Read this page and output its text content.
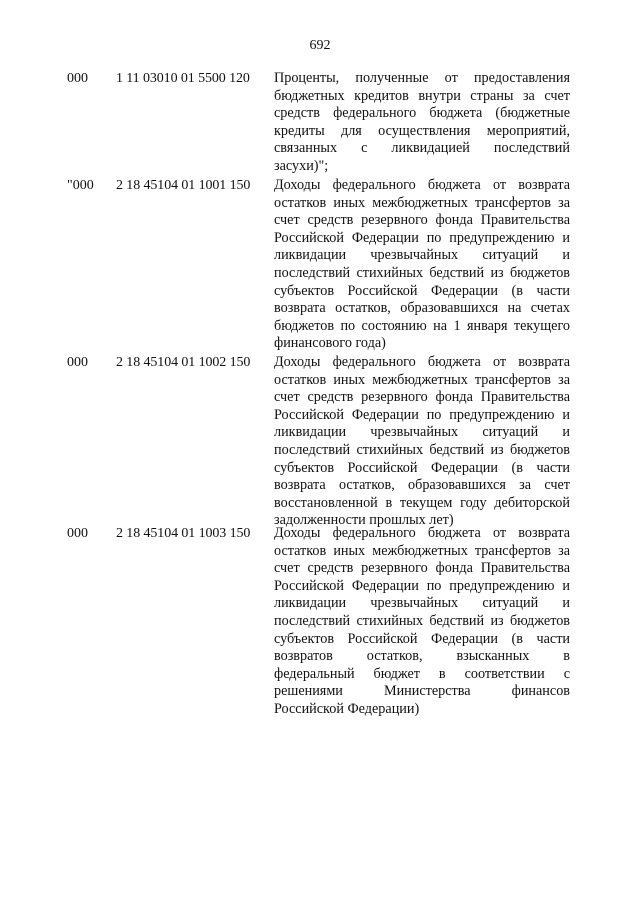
692
000 1 11 03010 01 5500 120 Проценты, полученные от предоставления
бюджетных кредитов внутри страны за счет
средств федерального бюджета (бюджетные
кредиты для осуществления мероприятий,
связанных с ликвидацией последствий
засухи)";
"000 2 18 45104 01 1001 150 Доходы федерального бюджета от возврата
остатков иных межбюджетных трансфертов за
счет средств резервного фонда Правительства
Российской Федерации по предупреждению и
ликвидации чрезвычайных ситуаций и
последствий стихийных бедствий из бюджетов
субъектов Российской Федерации (в части
возврата остатков, образовавшихся на счетах
бюджетов по состоянию на 1 января текущего
финансового года)
000 2 18 45104 01 1002 150 Доходы федерального бюджета от возврата
остатков иных межбюджетных трансфертов за
счет средств резервного фонда Правительства
Российской Федерации по предупреждению и
ликвидации чрезвычайных ситуаций и
последствий стихийных бедствий из бюджетов
субъектов Российской Федерации (в части
возврата остатков, образовавшихся за счет
восстановленной в текущем году дебиторской
задолженности прошлых лет)
000 2 18 45104 01 1003 150 Доходы федерального бюджета от возврата
остатков иных межбюджетных трансфертов за
счет средств резервного фонда Правительства
Российской Федерации по предупреждению и
ликвидации чрезвычайных ситуаций и
последствий стихийных бедствий из бюджетов
субъектов Российской Федерации (в части
возвратов остатков, взысканных в
федеральный бюджет в соответствии с
решениями Министерства финансов
Российской Федерации)
